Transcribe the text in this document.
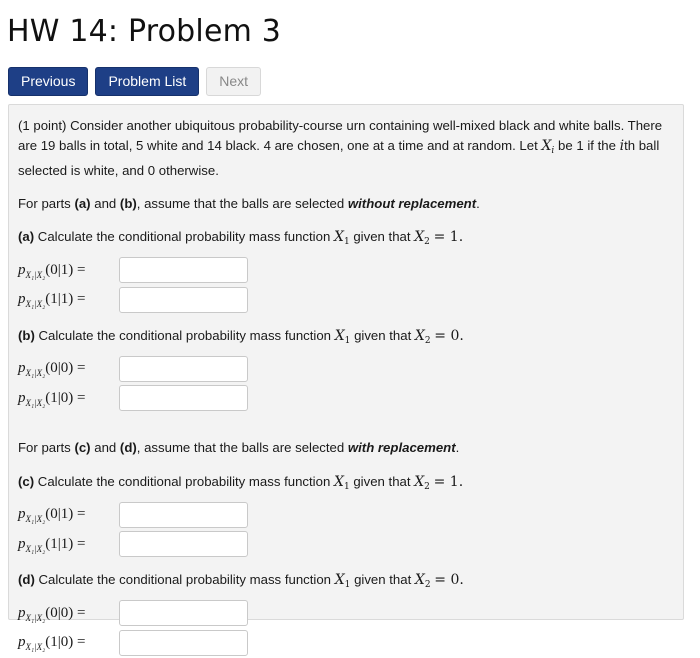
HW 14: Problem 3
Previous	Problem List	Next

(1 point) Consider another ubiquitous probability-course urn containing well-mixed black and white balls. There are 19 balls in total, 5 white and 14 black. 4 are chosen, one at a time and at random. Let $X_i$ be 1 if the ith ball selected is white, and 0 otherwise.

For parts (a) and (b), assume that the balls are selected without replacement.

(a) Calculate the conditional probability mass function $X_1$ given that $X_2 = 1$.

$p_{X_1|X_2}(0|1)$ =
$p_{X_1|X_2}(1|1)$ =

(b) Calculate the conditional probability mass function $X_1$ given that $X_2 = 0$.

$p_{X_1|X_2}(0|0)$ =
$p_{X_1|X_2}(1|0)$ =

For parts (c) and (d), assume that the balls are selected with replacement.

(c) Calculate the conditional probability mass function $X_1$ given that $X_2 = 1$.

$p_{X_1|X_2}(0|1)$ =
$p_{X_1|X_2}(1|1)$ =

(d) Calculate the conditional probability mass function $X_1$ given that $X_2 = 0$.

$p_{X_1|X_2}(0|0)$ =
$p_{X_1|X_2}(1|0)$ =
